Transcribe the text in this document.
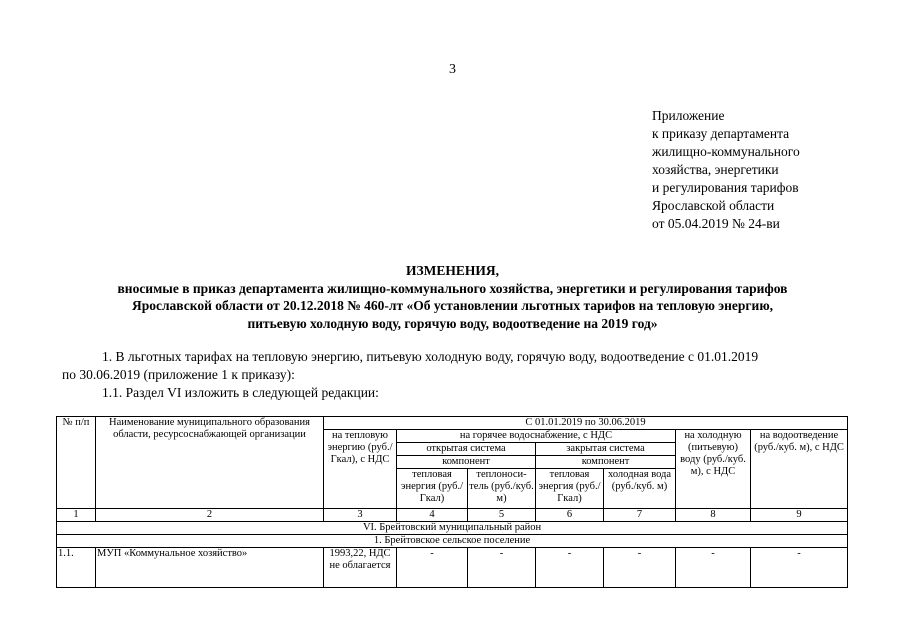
3
Приложение
к приказу департамента
жилищно-коммунального
хозяйства, энергетики
и регулирования тарифов
Ярославской области
от 05.04.2019 № 24-ви
ИЗМЕНЕНИЯ,
вносимые в приказ департамента жилищно-коммунального хозяйства, энергетики и регулирования тарифов
Ярославской области от 20.12.2018 № 460-лт «Об установлении льготных тарифов на тепловую энергию,
питьевую холодную воду, горячую воду, водоотведение на 2019 год»
1. В льготных тарифах на тепловую энергию, питьевую холодную воду, горячую воду, водоотведение с 01.01.2019
по 30.06.2019 (приложение 1 к приказу):
1.1. Раздел VI изложить в следующей редакции:
№ п/п	Наименование муниципального образования области, ресурсоснабжающей организации	С 01.01.2019 по 30.06.2019						
		на тепловую энергию (руб./Гкал), с НДС	на горячее водоснабжение, с НДС				на холодную (питьевую) воду (руб./куб. м), с НДС	на водоотведение (руб./куб. м), с НДС
			открытая система		закрытая система			
			компонент		компонент			
			тепловая энергия (руб./Гкал)	теплоноси-тель (руб./куб. м)	тепловая энергия (руб./Гкал)	холодная вода (руб./куб. м)		
1	2	3	4	5	6	7	8	9
VI. Брейтовский муниципальный район								
1. Брейтовское сельское поселение								
1.1.	МУП «Коммунальное хозяйство»	1993,22, НДС не облагается	-	-	-	-	-	-
